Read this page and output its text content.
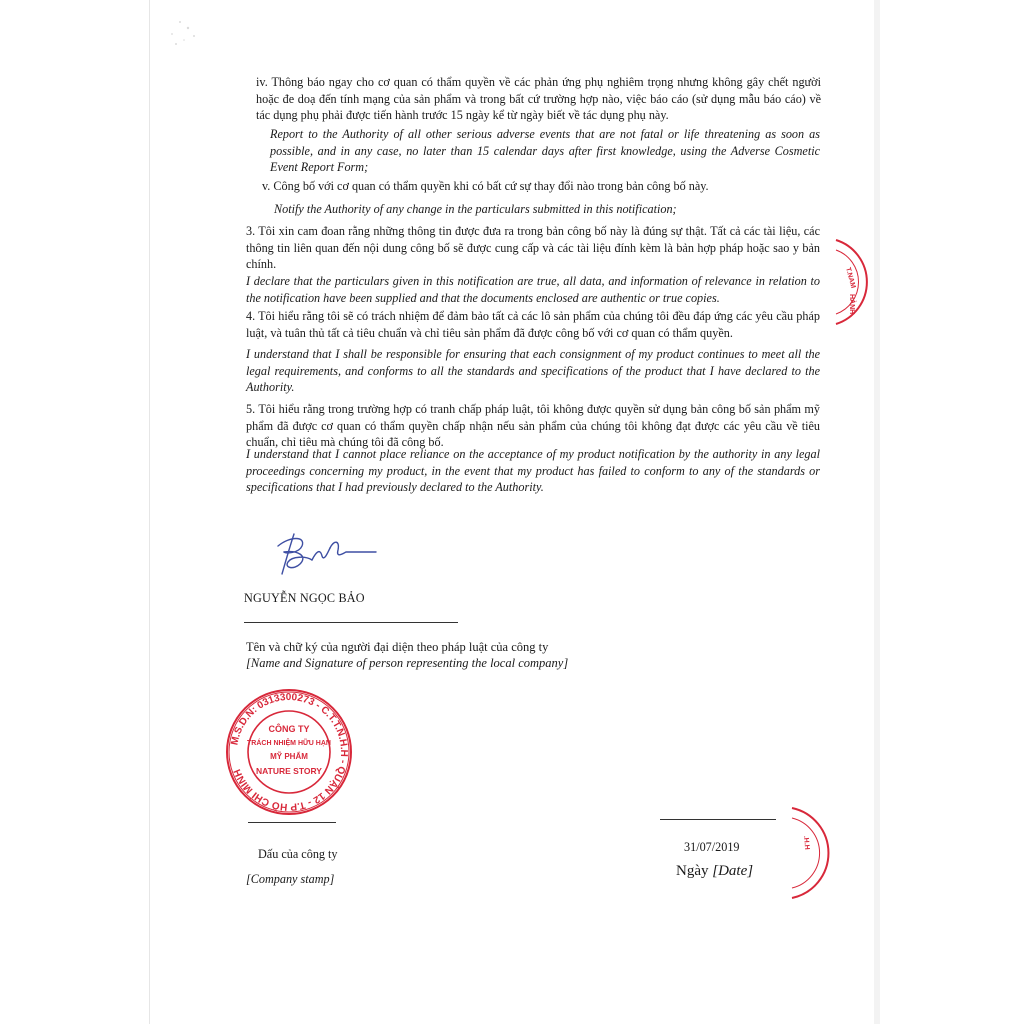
iv. Thông báo ngay cho cơ quan có thẩm quyền về các phản ứng phụ nghiêm trọng nhưng không gây chết người hoặc đe doạ đến tính mạng của sản phẩm và trong bất cứ trường hợp nào, việc báo cáo (sử dụng mẫu báo cáo) về tác dụng phụ phải được tiến hành trước 15 ngày kể từ ngày biết về tác dụng phụ này.

Report to the Authority of all other serious adverse events that are not fatal or life threatening as soon as possible, and in any case, no later than 15 calendar days after first knowledge, using the Adverse Cosmetic Event Report Form;

v. Công bố với cơ quan có thẩm quyền khi có bất cứ sự thay đổi nào trong bản công bố này.

Notify the Authority of any change in the particulars submitted in this notification;

3. Tôi xin cam đoan rằng những thông tin được đưa ra trong bản công bố này là đúng sự thật. Tất cả các tài liệu, các thông tin liên quan đến nội dung công bố sẽ được cung cấp và các tài liệu đính kèm là bản hợp pháp hoặc sao y bản chính.

I declare that the particulars given in this notification are true, all data, and information of relevance in relation to the notification have been supplied and that the documents enclosed are authentic or true copies.

4. Tôi hiểu rằng tôi sẽ có trách nhiệm để đảm bảo tất cả các lô sản phẩm của chúng tôi đều đáp ứng các yêu cầu pháp luật, và tuân thủ tất cả tiêu chuẩn và chỉ tiêu sản phẩm đã được công bố với cơ quan có thẩm quyền.

I understand that I shall be responsible for ensuring that each consignment of my product continues to meet all the legal requirements, and conforms to all the standards and specifications of the product that I have declared to the Authority.

5. Tôi hiểu rằng trong trường hợp có tranh chấp pháp luật, tôi không được quyền sử dụng bản công bố sản phẩm mỹ phẩm đã được cơ quan có thẩm quyền chấp nhận nếu sản phẩm của chúng tôi không đạt được các yêu cầu về tiêu chuẩn, chỉ tiêu mà chúng tôi đã công bố.

I understand that I cannot place reliance on the acceptance of my product notification by the authority in any legal proceedings concerning my product, in the event that my product has failed to conform to any of the standards or specifications that I had previously declared to the Authority.

NGUYỄN NGỌC BẢO

Tên và chữ ký của người đại diện theo pháp luật của công ty

[Name and Signature of person representing the local company]

M.S.D.N: 0313300273 - C.T.T.N.H.H - QUẬN 12 - T.P HỒ CHÍ MINH
CÔNG TY
TRÁCH NHIỆM HỮU HẠN
MỸ PHẨM
NATURE STORY

Dấu của công ty

[Company stamp]

31/07/2019

Ngày [Date]

T.NAM
HÀNH
.H.H
